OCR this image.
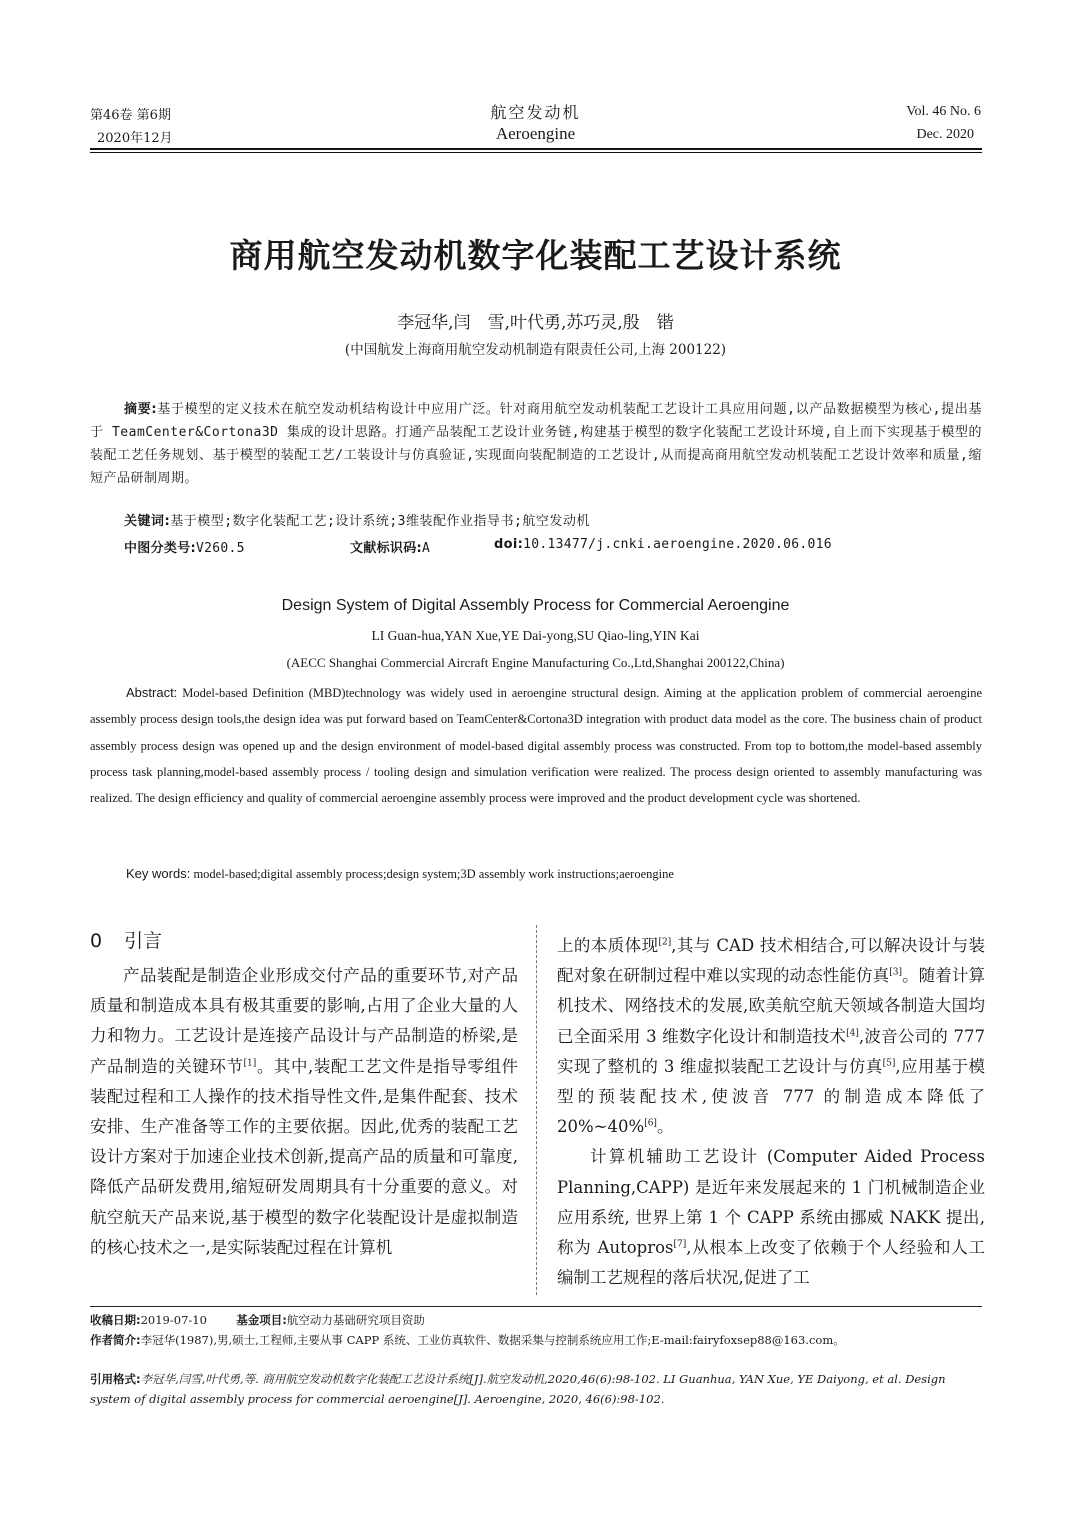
第46卷 第6期
2020年12月
航空发动机
Aeroengine
Vol. 46 No. 6
Dec. 2020
商用航空发动机数字化装配工艺设计系统
李冠华,闫　雪,叶代勇,苏巧灵,殷　锴
(中国航发上海商用航空发动机制造有限责任公司,上海 200122)
摘要:基于模型的定义技术在航空发动机结构设计中应用广泛。针对商用航空发动机装配工艺设计工具应用问题,以产品数据模型为核心,提出基于 TeamCenter&Cortona3D 集成的设计思路。打通产品装配工艺设计业务链,构建基于模型的数字化装配工艺设计环境,自上而下实现基于模型的装配工艺任务规划、基于模型的装配工艺/工装设计与仿真验证,实现面向装配制造的工艺设计,从而提高商用航空发动机装配工艺设计效率和质量,缩短产品研制周期。
关键词:基于模型;数字化装配工艺;设计系统;3维装配作业指导书;航空发动机
中图分类号:V260.5	文献标识码:A	doi:10.13477/j.cnki.aeroengine.2020.06.016
Design System of Digital Assembly Process for Commercial Aeroengine
LI Guan-hua,YAN Xue,YE Dai-yong,SU Qiao-ling,YIN Kai
(AECC Shanghai Commercial Aircraft Engine Manufacturing Co.,Ltd,Shanghai 200122,China)
Abstract: Model-based Definition (MBD)technology was widely used in aeroengine structural design. Aiming at the application problem of commercial aeroengine assembly process design tools,the design idea was put forward based on TeamCenter&Cortona3D integration with product data model as the core. The business chain of product assembly process design was opened up and the design environment of model-based digital assembly process was constructed. From top to bottom,the model-based assembly process task planning,model-based assembly process / tooling design and simulation verification were realized. The process design oriented to assembly manufacturing was realized. The design efficiency and quality of commercial aeroengine assembly process were improved and the product development cycle was shortened.
Key words: model-based;digital assembly process;design system;3D assembly work instructions;aeroengine
0 引言

产品装配是制造企业形成交付产品的重要环节,对产品质量和制造成本具有极其重要的影响,占用了企业大量的人力和物力。工艺设计是连接产品设计与产品制造的桥梁,是产品制造的关键环节[1]。其中,装配工艺文件是指导零组件装配过程和工人操作的技术指导性文件,是集件配套、技术安排、生产准备等工作的主要依据。因此,优秀的装配工艺设计方案对于加速企业技术创新,提高产品的质量和可靠度,降低产品研发费用,缩短研发周期具有十分重要的意义。对航空航天产品来说,基于模型的数字化装配设计是虚拟制造的核心技术之一,是实际装配过程在计算机

上的本质体现[2],其与 CAD 技术相结合,可以解决设计与装配对象在研制过程中难以实现的动态性能仿真[3]。随着计算机技术、网络技术的发展,欧美航空航天领域各制造大国均已全面采用 3 维数字化设计和制造技术[4],波音公司的 777 实现了整机的 3 维虚拟装配工艺设计与仿真[5],应用基于模型的预装配技术,使波音 777 的制造成本降低了 20%~40%[6]。

计算机辅助工艺设计 (Computer Aided Process Planning,CAPP) 是近年来发展起来的 1 门机械制造企业应用系统, 世界上第 1 个 CAPP 系统由挪威 NAKK 提出,称为 Autopros[7],从根本上改变了依赖于个人经验和人工编制工艺规程的落后状况,促进了工

收稿日期:2019-07-10	基金项目:航空动力基础研究项目资助
作者简介:李冠华(1987),男,硕士,工程师,主要从事 CAPP 系统、工业仿真软件、数据采集与控制系统应用工作;E-mail:fairyfoxsep88@163.com。
引用格式:李冠华,闫雪,叶代勇,等. 商用航空发动机数字化装配工艺设计系统[J].航空发动机,2020,46(6):98-102. LI Guanhua, YAN Xue, YE Daiyong, et al. Design system of digital assembly process for commercial aeroengine[J]. Aeroengine, 2020, 46(6):98-102.
